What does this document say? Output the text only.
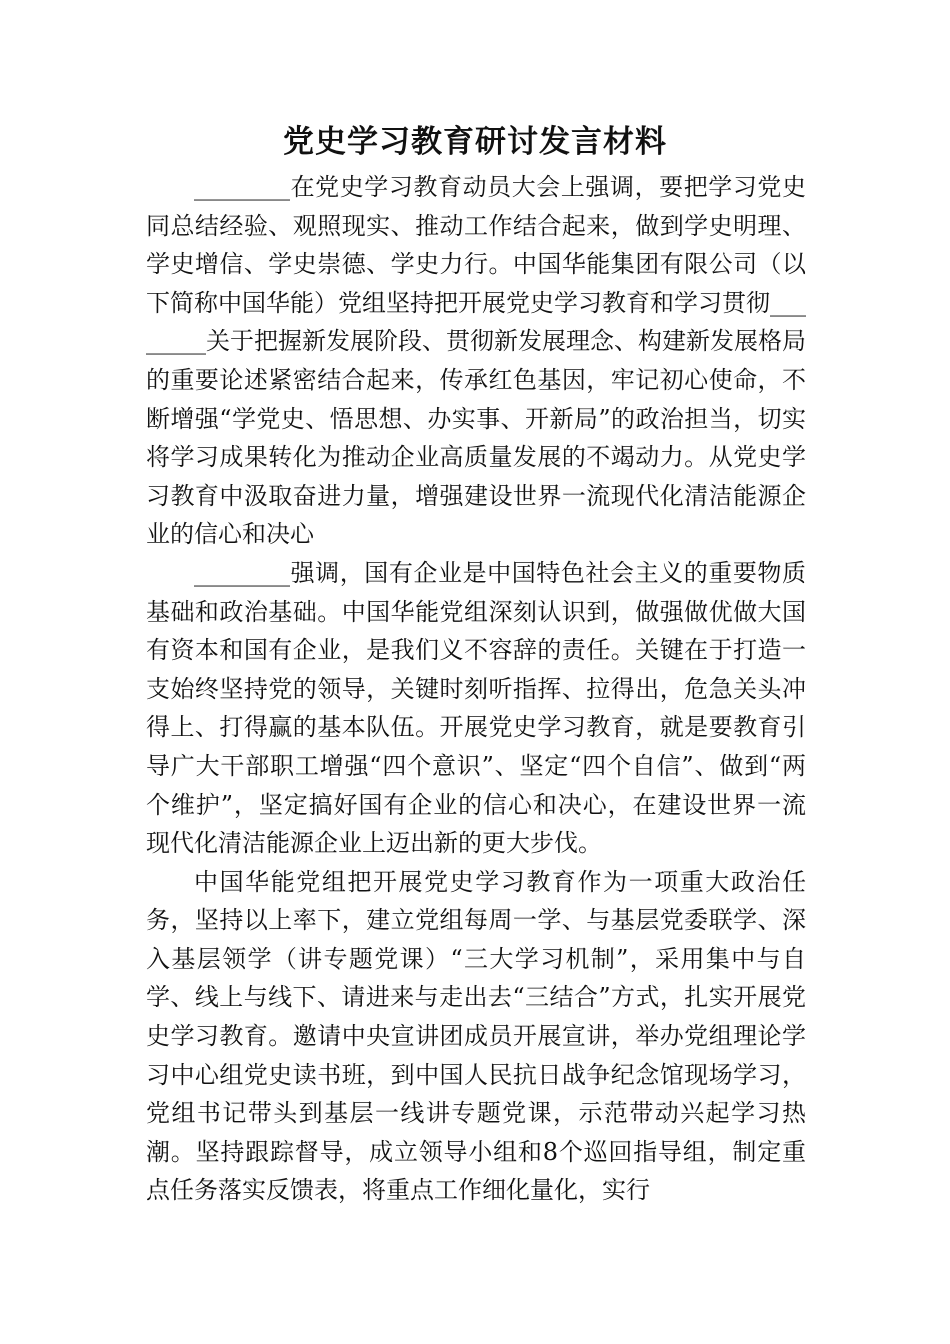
党史学习教育研讨发言材料

________在党史学习教育动员大会上强调，要把学习党史同总结经验、观照现实、推动工作结合起来，做到学史明理、学史增信、学史崇德、学史力行。中国华能集团有限公司（以下简称中国华能）党组坚持把开展党史学习教育和学习贯彻________关于把握新发展阶段、贯彻新发展理念、构建新发展格局的重要论述紧密结合起来，传承红色基因，牢记初心使命，不断增强“学党史、悟思想、办实事、开新局”的政治担当，切实将学习成果转化为推动企业高质量发展的不竭动力。从党史学习教育中汲取奋进力量，增强建设世界一流现代化清洁能源企业的信心和决心

________强调，国有企业是中国特色社会主义的重要物质基础和政治基础。中国华能党组深刻认识到，做强做优做大国有资本和国有企业，是我们义不容辞的责任。关键在于打造一支始终坚持党的领导，关键时刻听指挥、拉得出，危急关头冲得上、打得赢的基本队伍。开展党史学习教育，就是要教育引导广大干部职工增强“四个意识”、坚定“四个自信”、做到“两个维护”，坚定搞好国有企业的信心和决心，在建设世界一流现代化清洁能源企业上迈出新的更大步伐。

中国华能党组把开展党史学习教育作为一项重大政治任务，坚持以上率下，建立党组每周一学、与基层党委联学、深入基层领学（讲专题党课）“三大学习机制”，采用集中与自学、线上与线下、请进来与走出去“三结合”方式，扎实开展党史学习教育。邀请中央宣讲团成员开展宣讲，举办党组理论学习中心组党史读书班，到中国人民抗日战争纪念馆现场学习，党组书记带头到基层一线讲专题党课，示范带动兴起学习热潮。坚持跟踪督导，成立领导小组和8个巡回指导组，制定重点任务落实反馈表，将重点工作细化量化，实行
